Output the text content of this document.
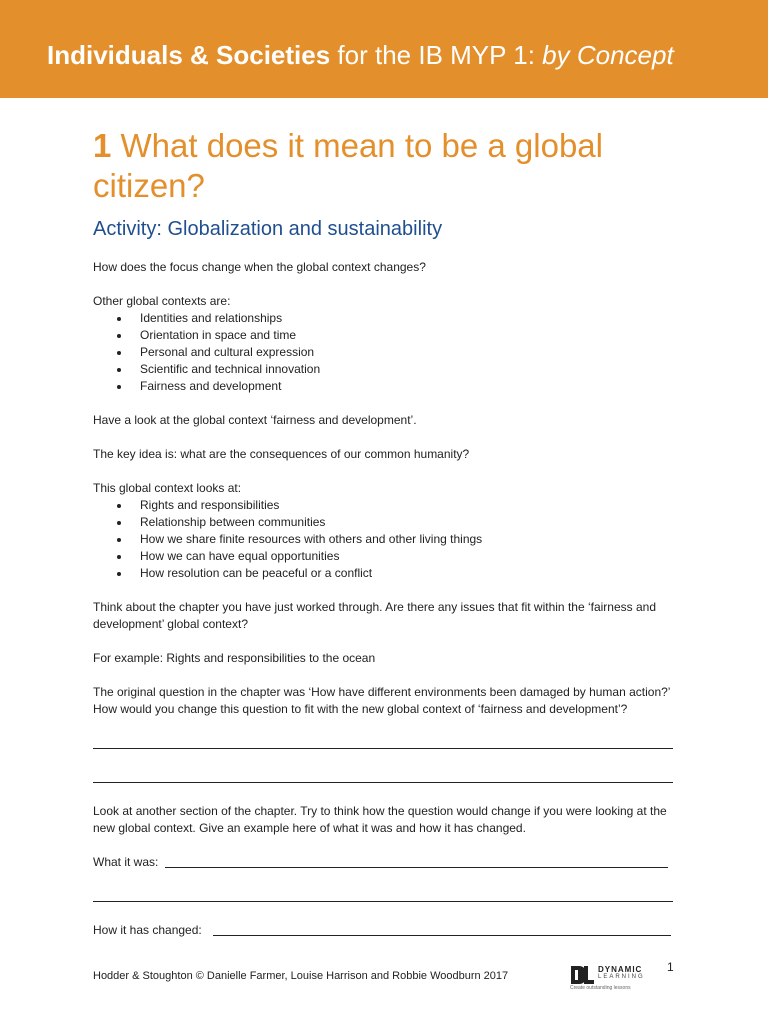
Individuals & Societies for the IB MYP 1: by Concept
1 What does it mean to be a global citizen?
Activity: Globalization and sustainability

How does the focus change when the global context changes?

Other global contexts are:

Identities and relationships
Orientation in space and time
Personal and cultural expression
Scientific and technical innovation
Fairness and development

Have a look at the global context ‘fairness and development’.

The key idea is: what are the consequences of our common humanity?

This global context looks at:

Rights and responsibilities
Relationship between communities
How we share finite resources with others and other living things
How we can have equal opportunities
How resolution can be peaceful or a conflict

Think about the chapter you have just worked through. Are there any issues that fit within the ‘fairness and development’ global context?

For example: Rights and responsibilities to the ocean

The original question in the chapter was ‘How have different environments been damaged by human action?’ How would you change this question to fit with the new global context of ‘fairness and development’?

Look at another section of the chapter. Try to think how the question would change if you were looking at the new global context. Give an example here of what it was and how it has changed.

What it was:
How it has changed:
Hodder & Stoughton © Danielle Farmer, Louise Harrison and Robbie Woodburn 2017
DYNAMIC
LEARNING
Create outstanding lessons
1
